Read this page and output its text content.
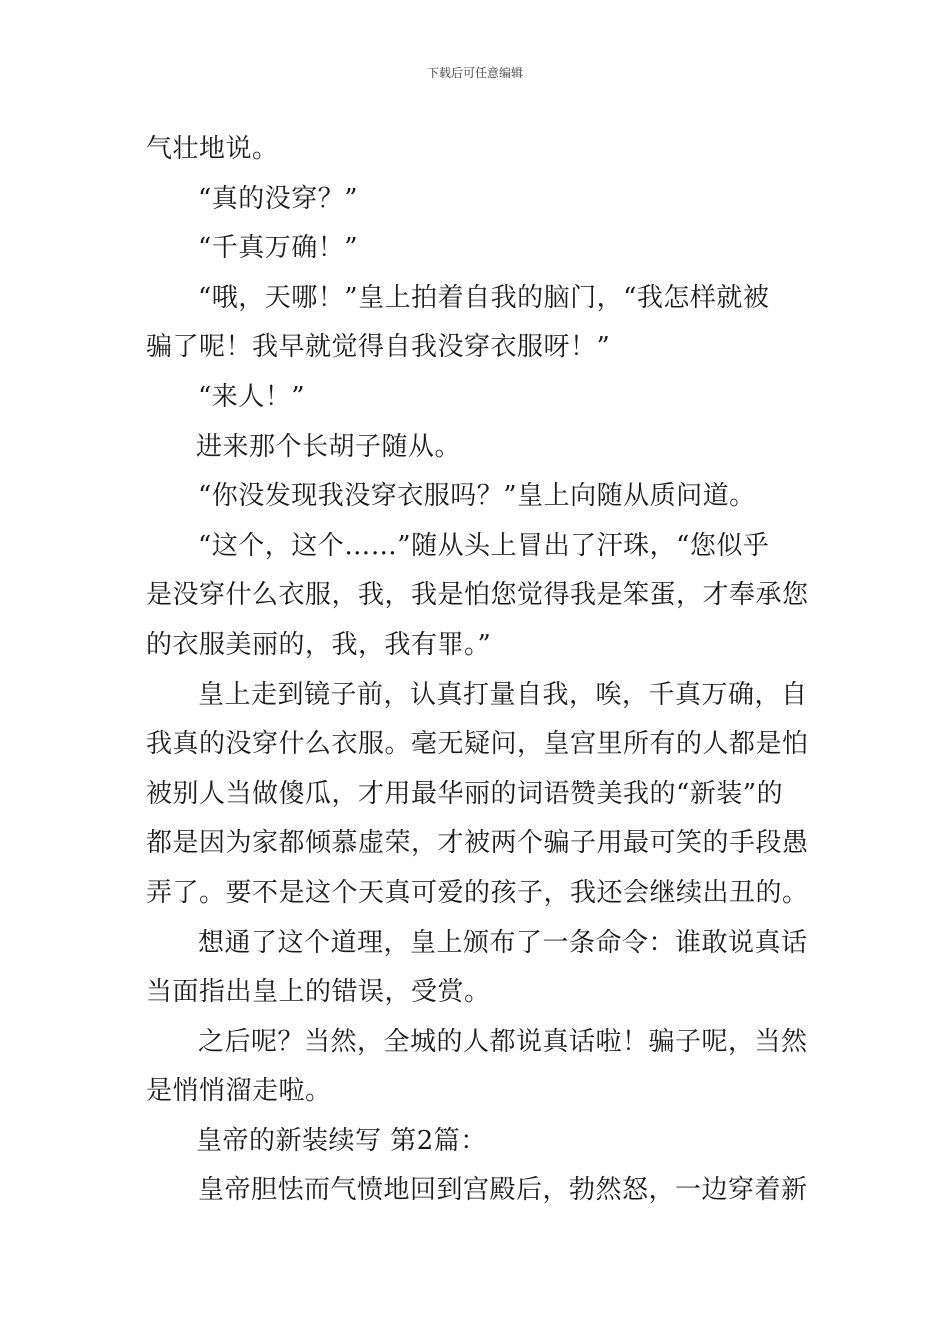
下载后可任意编辑
气壮地说。
“真的没穿？”
“千真万确！”
“哦，天哪！”皇上拍着自我的脑门，“我怎样就被
骗了呢！我早就觉得自我没穿衣服呀！”
“来人！”
进来那个长胡子随从。
“你没发现我没穿衣服吗？”皇上向随从质问道。
“这个，这个……”随从头上冒出了汗珠，“您似乎
是没穿什么衣服，我，我是怕您觉得我是笨蛋，才奉承您
的衣服美丽的，我，我有罪。”
皇上走到镜子前，认真打量自我，唉，千真万确，自
我真的没穿什么衣服。毫无疑问，皇宫里所有的人都是怕
被别人当做傻瓜，才用最华丽的词语赞美我的“新装”的
都是因为家都倾慕虚荣，才被两个骗子用最可笑的手段愚
弄了。要不是这个天真可爱的孩子，我还会继续出丑的。
想通了这个道理，皇上颁布了一条命令：谁敢说真话
当面指出皇上的错误，受赏。
之后呢？当然，全城的人都说真话啦！骗子呢，当然
是悄悄溜走啦。
皇帝的新装续写 第2篇：
皇帝胆怯而气愤地回到宫殿后，勃然怒，一边穿着新
